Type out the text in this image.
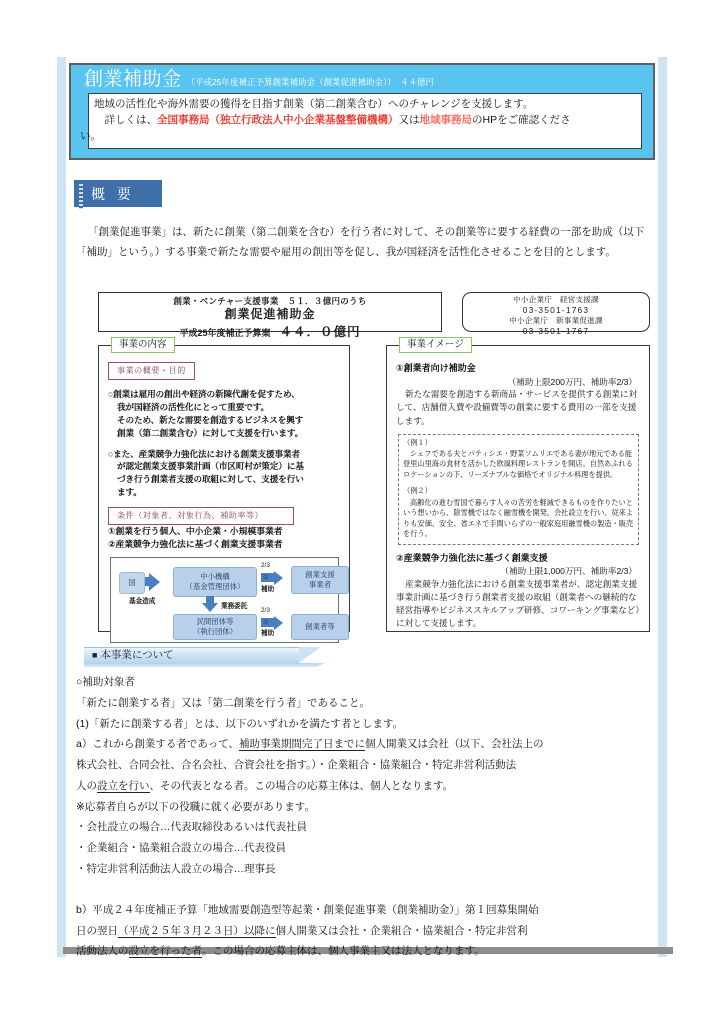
創業補助金 （平成25年度補正予算創業補助金（創業促進補助金））　４４億円

地域の活性化や海外需要の獲得を目指す創業（第二創業含む）へのチャレンジを支援します。

　詳しくは、全国事務局（独立行政法人中小企業基盤整備機構）又は地域事務局のHPをご確認くださ

い。

概 要

「創業促進事業」は、新たに創業（第二創業を含む）を行う者に対して、その創業等に要する経費の一部を助成（以下「補助」という。）する事業で新たな需要や雇用の創出等を促し、我が国経済を活性化させることを目的とします。

創業・ベンチャー支援事業　５１．３億円のうち
創業促進補助金
平成25年度補正予算案　４４．０億円
中小企業庁　経営支援課
03-3501-1763
中小企業庁　新事業促進課
03-3501-1767
事業の内容
事業の概要・目的

○創業は雇用の創出や経済の新陳代謝を促すため、

我が国経済の活性化にとって重要です。

そのため、新たな需要を創造するビジネスを興す

創業（第二創業含む）に対して支援を行います。

○また、産業競争力強化法における創業支援事業者

が認定創業支援事業計画（市区町村が策定）に基

づき行う創業者支援の取組に対して、支援を行い

ます。

条件（対象者、対象行為、補助率等）

①創業を行う個人、中小企業・小規模事業者

②産業競争力強化法に基づく創業支援事業者

国
中小機構
（基金管理団体）
基金造成
業務委託
民間団体等
（執行団体）
2/3
②
補助
創業支援
事業者
2/3
①
補助
創業者等
事業イメージ

①創業者向け補助金

（補助上限200万円、補助率2/3）

新たな需要を創造する新商品・サービスを提供する創業に対して、店舗借入費や設備費等の創業に要する費用の一部を支援します。

（例１）
シェフである夫とパティシエ・野菜ソムリエである妻が地元である能登里山里海の食材を活かした欧風料理レストランを開店。自然あふれるロケーションの下、リーズナブルな価格でオリジナル料理を提供。
（例２）
高齢化の進む雪国で暮らす人々の苦労を軽減できるものを作りたいという想いから、除雪機ではなく融雪機を開発。会社設立を行い、従来よりも安価、安全、省エネで手間いらずの一般家庭用融雪機の製造・販売を行う。

②産業競争力強化法に基づく創業支援

（補助上限1,000万円、補助率2/3）

産業競争力強化法における創業支援事業者が、認定創業支援事業計画に基づき行う創業者支援の取組（創業者への継続的な経営指導やビジネススキルアップ研修、コワーキング事業など）に対して支援します。

■ 本事業について

○補助対象者

「新たに創業する者」又は「第二創業を行う者」であること。

(1)「新たに創業する者」とは、以下のいずれかを満たす者とします。

a）これから創業する者であって、補助事業期間完了日までに個人開業又は会社（以下、会社法上の

株式会社、合同会社、合名会社、合資会社を指す。）・企業組合・協業組合・特定非営利活動法

人の設立を行い、その代表となる者。この場合の応募主体は、個人となります。

※応募者自らが以下の役職に就く必要があります。

・会社設立の場合…代表取締役あるいは代表社員

・企業組合・協業組合設立の場合…代表役員

・特定非営利活動法人設立の場合…理事長

b）平成２４年度補正予算「地域需要創造型等起業・創業促進事業（創業補助金）」第１回募集開始

日の翌日（平成２５年３月２３日）以降に個人開業又は会社・企業組合・協業組合・特定非営利

活動法人の設立を行った者。この場合の応募主体は、個人事業主又は法人となります。
